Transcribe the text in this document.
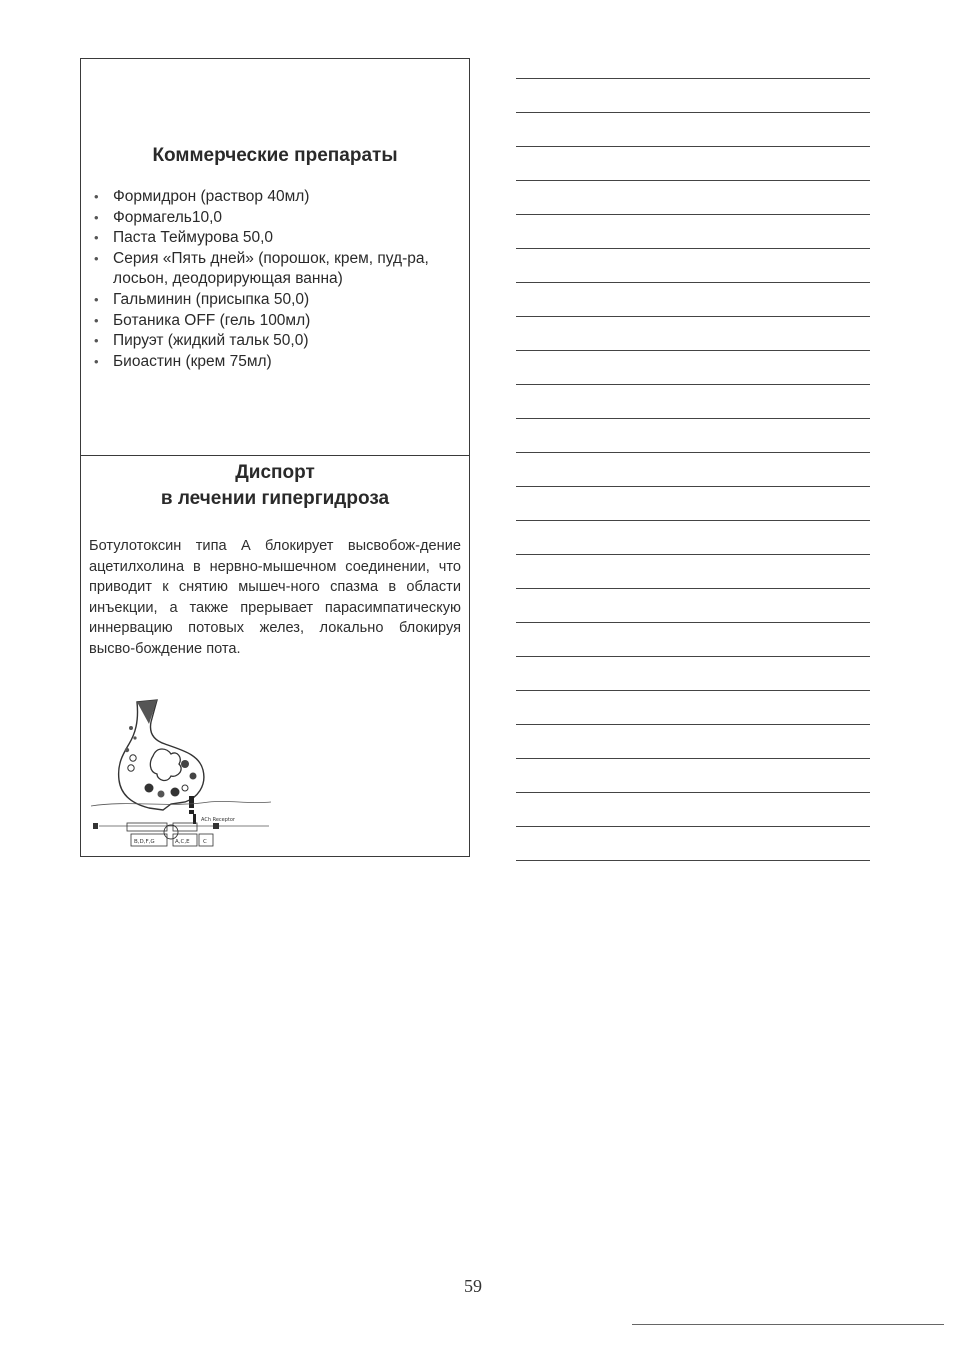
Коммерческие препараты
• Формидрон (раствор 40мл)
• Формагель10,0
• Паста Теймурова 50,0
• Серия «Пять дней» (порошок, крем, пуд-ра, лосьон, деодорирующая ванна)
• Гальминин (присыпка 50,0)
• Ботаника OFF (гель 100мл)
• Пируэт (жидкий тальк 50,0)
• Биоастин (крем 75мл)
Диспорт
в лечении гипергидроза

Ботулотоксин типа А блокирует высвобож-дение ацетилхолина в нервно-мышечном соединении, что приводит к снятию мышеч-ного спазма в области инъекции, а также прерывает парасимпатическую иннервацию потовых желез, локально блокируя высво-бождение пота.

ACh Receptor
B,D,F,G	A,C,E C
59
